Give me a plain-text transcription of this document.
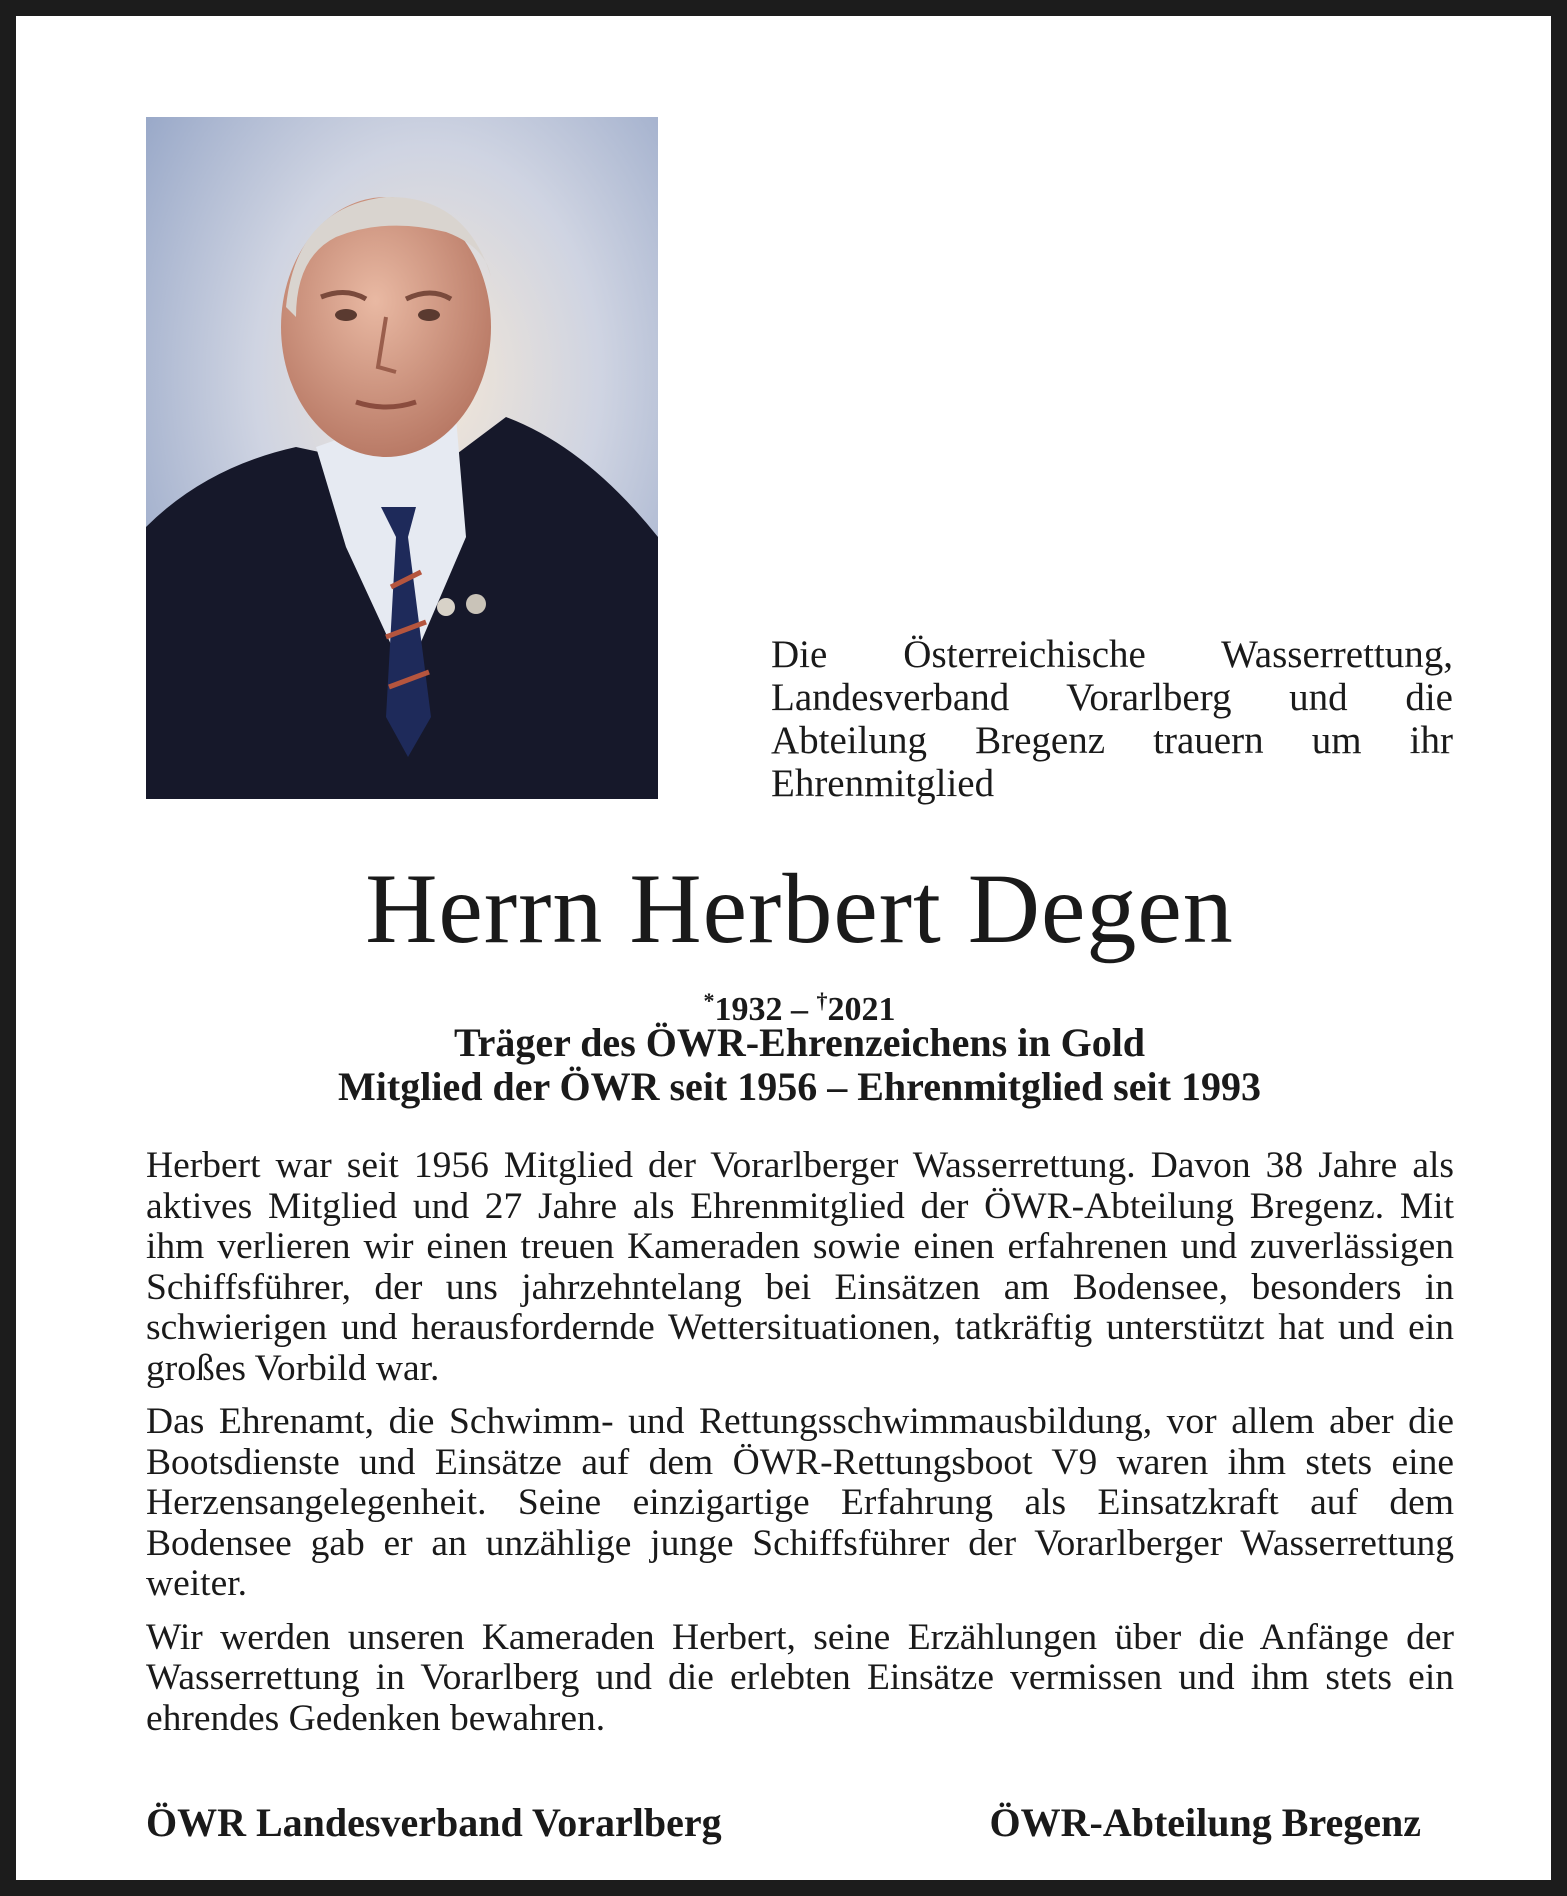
Die Österreichische Wasserrettung, Landesverband Vorarlberg und die Abteilung Bregenz trauern um ihr Ehrenmitglied
Herrn Herbert Degen
*1932 – †2021
Träger des ÖWR-Ehrenzeichens in Gold
Mitglied der ÖWR seit 1956 – Ehrenmitglied seit 1993

Herbert war seit 1956 Mitglied der Vorarlberger Wasserrettung. Davon 38 Jahre als aktives Mitglied und 27 Jahre als Ehrenmitglied der ÖWR-Abteilung Bregenz. Mit ihm verlieren wir einen treuen Kameraden sowie einen erfahrenen und zuverlässigen Schiffsführer, der uns jahrzehntelang bei Einsätzen am Bodensee, besonders in schwierigen und herausfordernde Wettersituationen, tatkräftig unterstützt hat und ein großes Vorbild war.

Das Ehrenamt, die Schwimm- und Rettungsschwimmausbildung, vor allem aber die Bootsdienste und Einsätze auf dem ÖWR-Rettungsboot V9 waren ihm stets eine Herzensangelegenheit. Seine einzigartige Erfahrung als Einsatzkraft auf dem Bodensee gab er an unzählige junge Schiffsführer der Vorarlberger Wasserrettung weiter.

Wir werden unseren Kameraden Herbert, seine Erzählungen über die Anfänge der Wasserrettung in Vorarlberg und die erlebten Einsätze vermissen und ihm stets ein ehrendes Gedenken bewahren.

ÖWR Landesverband Vorarlberg	ÖWR-Abteilung Bregenz
